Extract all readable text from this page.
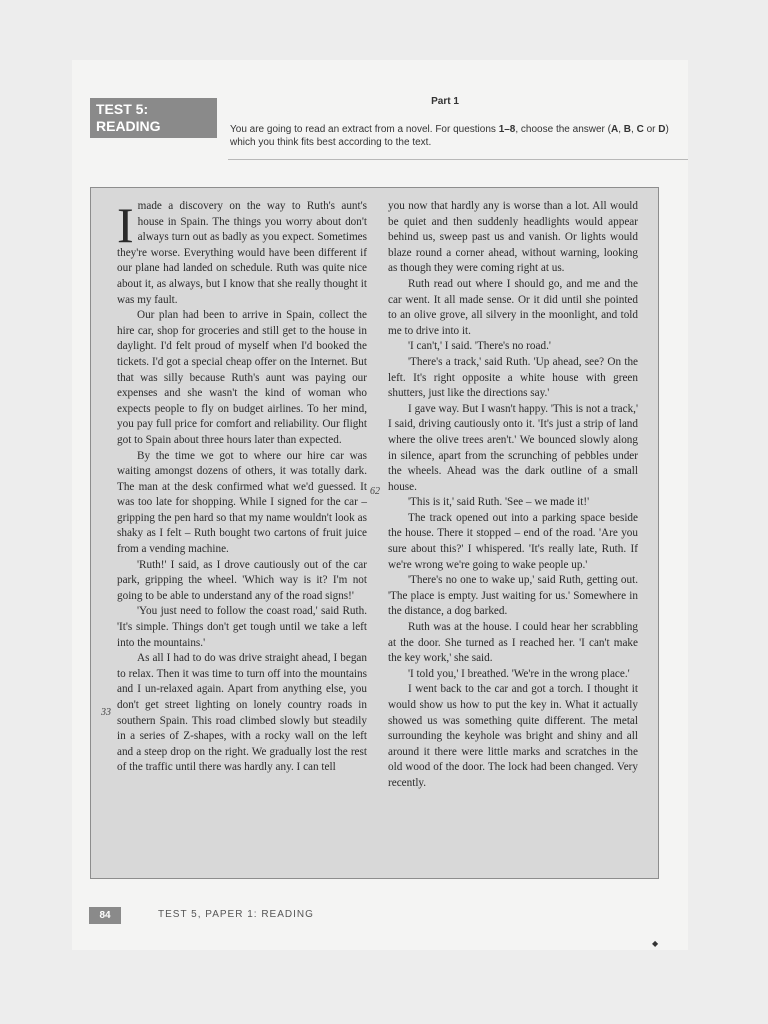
TEST 5:
READING
Part 1
You are going to read an extract from a novel. For questions 1–8, choose the answer (A, B, C or D) which you think fits best according to the text.

I made a discovery on the way to Ruth's aunt's house in Spain. The things you worry about don't always turn out as badly as you expect. Sometimes they're worse. Everything would have been different if our plane had landed on schedule. Ruth was quite nice about it, as always, but I know that she really thought it was my fault.

Our plan had been to arrive in Spain, collect the hire car, shop for groceries and still get to the house in daylight. I'd felt proud of myself when I'd booked the tickets. I'd got a special cheap offer on the Internet. But that was silly because Ruth's aunt was paying our expenses and she wasn't the kind of woman who expects people to fly on budget airlines. To her mind, you pay full price for comfort and reliability. Our flight got to Spain about three hours later than expected.

By the time we got to where our hire car was waiting amongst dozens of others, it was totally dark. The man at the desk confirmed what we'd guessed. It was too late for shopping. While I signed for the car – gripping the pen hard so that my name wouldn't look as shaky as I felt – Ruth bought two cartons of fruit juice from a vending machine.

'Ruth!' I said, as I drove cautiously out of the car park, gripping the wheel. 'Which way is it? I'm not going to be able to understand any of the road signs!'

'You just need to follow the coast road,' said Ruth. 'It's simple. Things don't get tough until we take a left into the mountains.'

As all I had to do was drive straight ahead, I began to relax. Then it was time to turn off into the mountains and I un-relaxed again. Apart from anything else, you don't get street lighting on lonely country roads in southern Spain. This road climbed slowly but steadily in a series of Z-shapes, with a rocky wall on the left and a steep drop on the right. We gradually lost the rest of the traffic until there was hardly any. I can tell

you now that hardly any is worse than a lot. All would be quiet and then suddenly headlights would appear behind us, sweep past us and vanish. Or lights would blaze round a corner ahead, without warning, looking as though they were coming right at us.

Ruth read out where I should go, and me and the car went. It all made sense. Or it did until she pointed to an olive grove, all silvery in the moonlight, and told me to drive into it.

'I can't,' I said. 'There's no road.'

'There's a track,' said Ruth. 'Up ahead, see? On the left. It's right opposite a white house with green shutters, just like the directions say.'

I gave way. But I wasn't happy. 'This is not a track,' I said, driving cautiously onto it. 'It's just a strip of land where the olive trees aren't.' We bounced slowly along in silence, apart from the scrunching of pebbles under the wheels. Ahead was the dark outline of a small house.

'This is it,' said Ruth. 'See – we made it!'

The track opened out into a parking space beside the house. There it stopped – end of the road. 'Are you sure about this?' I whispered. 'It's really late, Ruth. If we're wrong we're going to wake people up.'

'There's no one to wake up,' said Ruth, getting out. 'The place is empty. Just waiting for us.' Somewhere in the distance, a dog barked.

Ruth was at the house. I could hear her scrabbling at the door. She turned as I reached her. 'I can't make the key work,' she said.

'I told you,' I breathed. 'We're in the wrong place.'

I went back to the car and got a torch. I thought it would show us how to put the key in. What it actually showed us was something quite different. The metal surrounding the keyhole was bright and shiny and all around it there were little marks and scratches in the old wood of the door. The lock had been changed. Very recently.

33
62
84	TEST 5, PAPER 1: READING
◆
